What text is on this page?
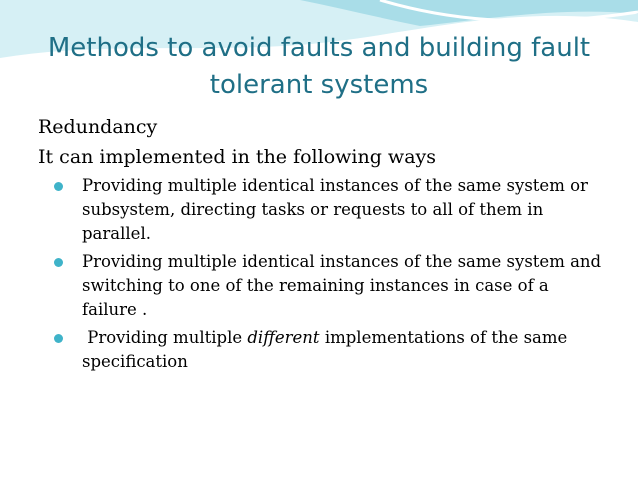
Methods to avoid faults and building fault tolerant systems

Redundancy

It can implemented in the following ways

Providing multiple identical instances of the same system or subsystem, directing tasks or requests to all of them in parallel.
Providing multiple identical instances of the same system and switching to one of the remaining instances in case of a failure .
Providing multiple different implementations of the same specification
